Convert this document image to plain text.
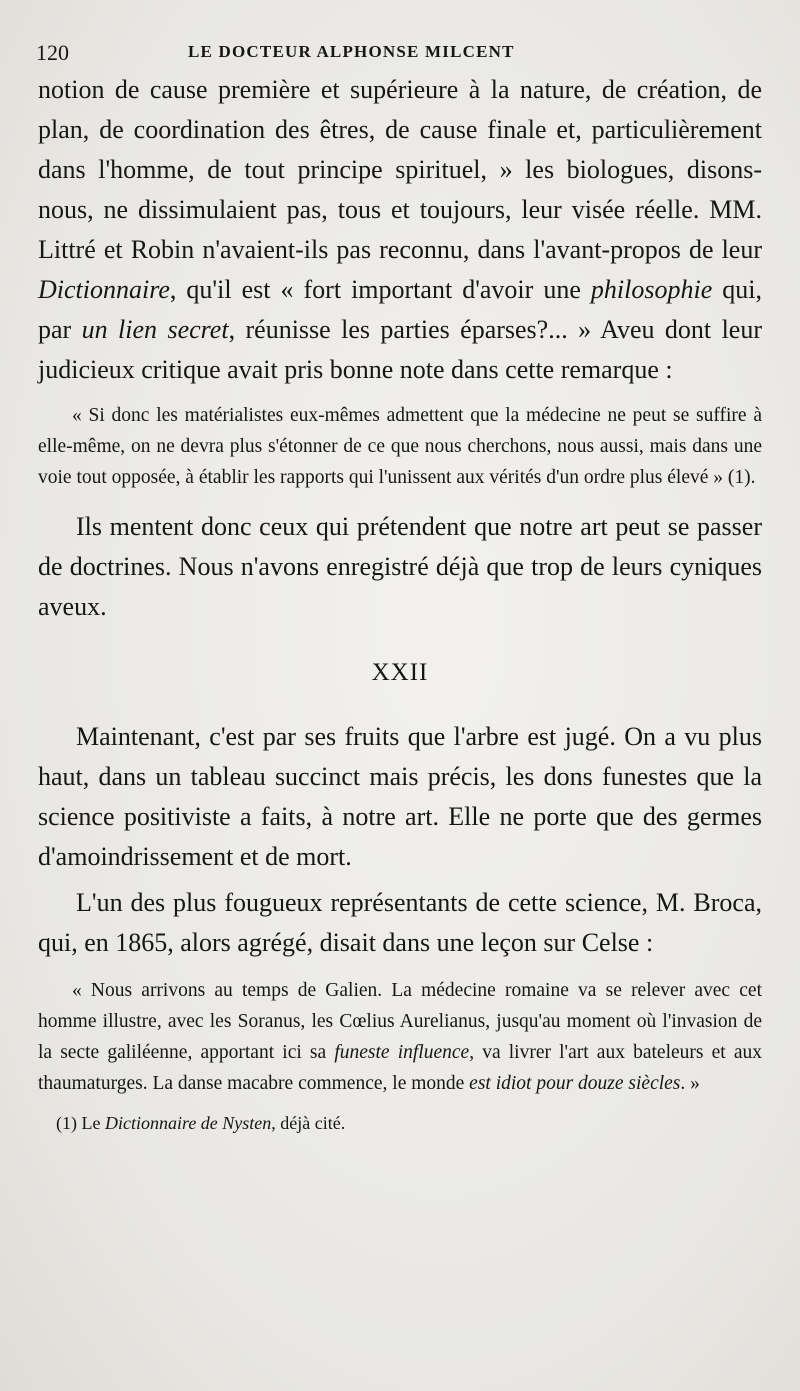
120	LE DOCTEUR ALPHONSE MILCENT

notion de cause première et supérieure à la nature, de création, de plan, de coordination des êtres, de cause finale et, particulièrement dans l'homme, de tout principe spirituel, » les biologues, disons-nous, ne dissimulaient pas, tous et toujours, leur visée réelle. MM. Littré et Robin n'avaient-ils pas reconnu, dans l'avant-propos de leur Dictionnaire, qu'il est « fort important d'avoir une philosophie qui, par un lien secret, réunisse les parties éparses?... » Aveu dont leur judicieux critique avait pris bonne note dans cette remarque :

« Si donc les matérialistes eux-mêmes admettent que la médecine ne peut se suffire à elle-même, on ne devra plus s'étonner de ce que nous cherchons, nous aussi, mais dans une voie tout opposée, à établir les rapports qui l'unissent aux vérités d'un ordre plus élevé » (1).

Ils mentent donc ceux qui prétendent que notre art peut se passer de doctrines. Nous n'avons enregistré déjà que trop de leurs cyniques aveux.

XXII

Maintenant, c'est par ses fruits que l'arbre est jugé. On a vu plus haut, dans un tableau succinct mais précis, les dons funestes que la science positiviste a faits, à notre art. Elle ne porte que des germes d'amoindrissement et de mort.

L'un des plus fougueux représentants de cette science, M. Broca, qui, en 1865, alors agrégé, disait dans une leçon sur Celse :

« Nous arrivons au temps de Galien. La médecine romaine va se relever avec cet homme illustre, avec les Soranus, les Cœlius Aurelianus, jusqu'au moment où l'invasion de la secte galiléenne, apportant ici sa funeste influence, va livrer l'art aux bateleurs et aux thaumaturges. La danse macabre commence, le monde est idiot pour douze siècles. »

(1) Le Dictionnaire de Nysten, déjà cité.
